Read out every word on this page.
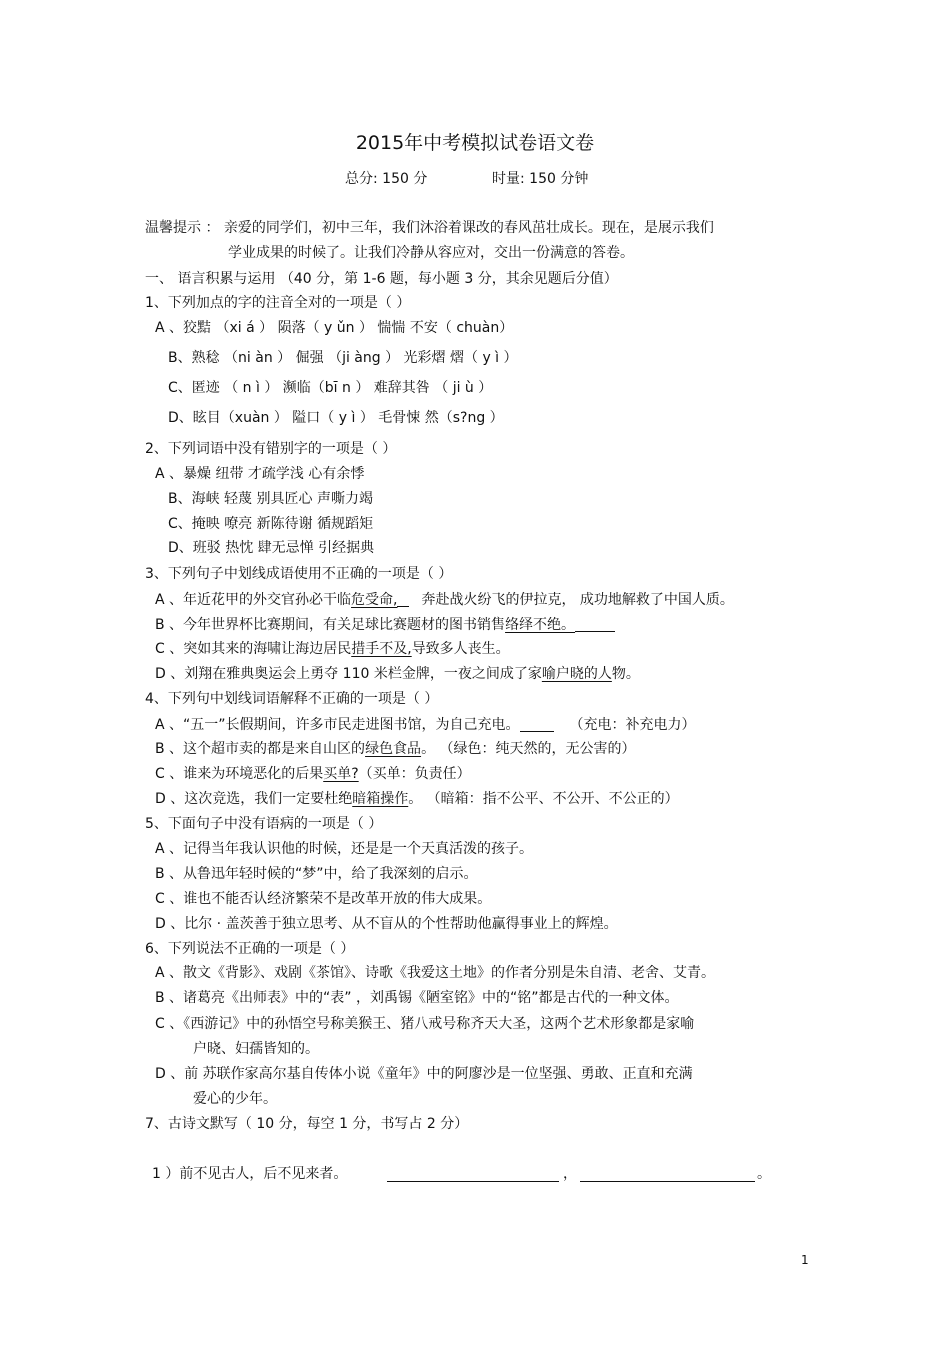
2015年中考模拟试卷语文卷
总分: 150 分	时量: 150 分钟
温馨提示 ： 亲爱的同学们，初中三年，我们沐浴着课改的春风茁壮成长。现在，是展示我们
学业成果的时候了。让我们冷静从容应对，交出一份满意的答卷。
一、 语言积累与运用 （40 分，第 1-6 题，每小题 3 分，其余见题后分值）
1、下列加点的字的注音全对的一项是（ ）
A 、狡黠 （xi á ） 陨落（ y ǔn ） 惴惴 不安（ chuàn）
B、熟稔 （ni àn ） 倔强 （ji àng ） 光彩熠 熠（ y ì ）
C、匿迹 （ n ì ） 濒临（bī n ） 难辞其咎 （ ji ù ）
D、眩目（xuàn ） 隘口（ y ì ） 毛骨悚 然（s?ng ）
2、下列词语中没有错别字的一项是（ ）
A 、暴燥 纽带 才疏学浅 心有余悸
B、海峡 轻蔑 别具匠心 声嘶力竭
C、掩映 嘹亮 新陈待谢 循规蹈矩
D、班驳 热忱 肆无忌惮 引经据典
3、下列句子中划线成语使用不正确的一项是（ ）
A 、年近花甲的外交官孙必干临危受命, 奔赴战火纷飞的伊拉克， 成功地解救了中国人质。
B 、今年世界杯比赛期间，有关足球比赛题材的图书销售络绎不绝。
C 、突如其来的海啸让海边居民措手不及,导致多人丧生。
D 、刘翔在雅典奥运会上勇夺 110 米栏金牌，一夜之间成了家喻户晓的人物。
4、下列句中划线词语解释不正确的一项是（ ）
A 、“五一”长假期间，许多市民走进图书馆，为自己充电。	（充电：补充电力）
B 、这个超市卖的都是来自山区的绿色食品。 （绿色：纯天然的，无公害的）
C 、谁来为环境恶化的后果买单?（买单：负责任）
D 、这次竞选，我们一定要杜绝暗箱操作。 （暗箱：指不公平、不公开、不公正的）
5、下面句子中没有语病的一项是（ ）
A 、记得当年我认识他的时候，还是是一个天真活泼的孩子。
B 、从鲁迅年轻时候的“梦”中，给了我深刻的启示。
C 、谁也不能否认经济繁荣不是改革开放的伟大成果。
D 、比尔 · 盖茨善于独立思考、从不盲从的个性帮助他赢得事业上的辉煌。
6、下列说法不正确的一项是（ ）
A 、散文《背影》、戏剧《茶馆》、诗歌《我爱这土地》的作者分别是朱自清、老舍、艾青。
B 、诸葛亮《出师表》中的“表” ，刘禹锡《陋室铭》中的“铭”都是古代的一种文体。
C 、《西游记》中的孙悟空号称美猴王、猪八戒号称齐天大圣，这两个艺术形象都是家喻
户晓、妇孺皆知的。
D 、前 苏联作家高尔基自传体小说《童年》中的阿廖沙是一位坚强、勇敢、正直和充满
爱心的少年。
7、古诗文默写（ 10 分，每空 1 分，书写占 2 分）
1 ）前不见古人，后不见来者。	，	。
1
